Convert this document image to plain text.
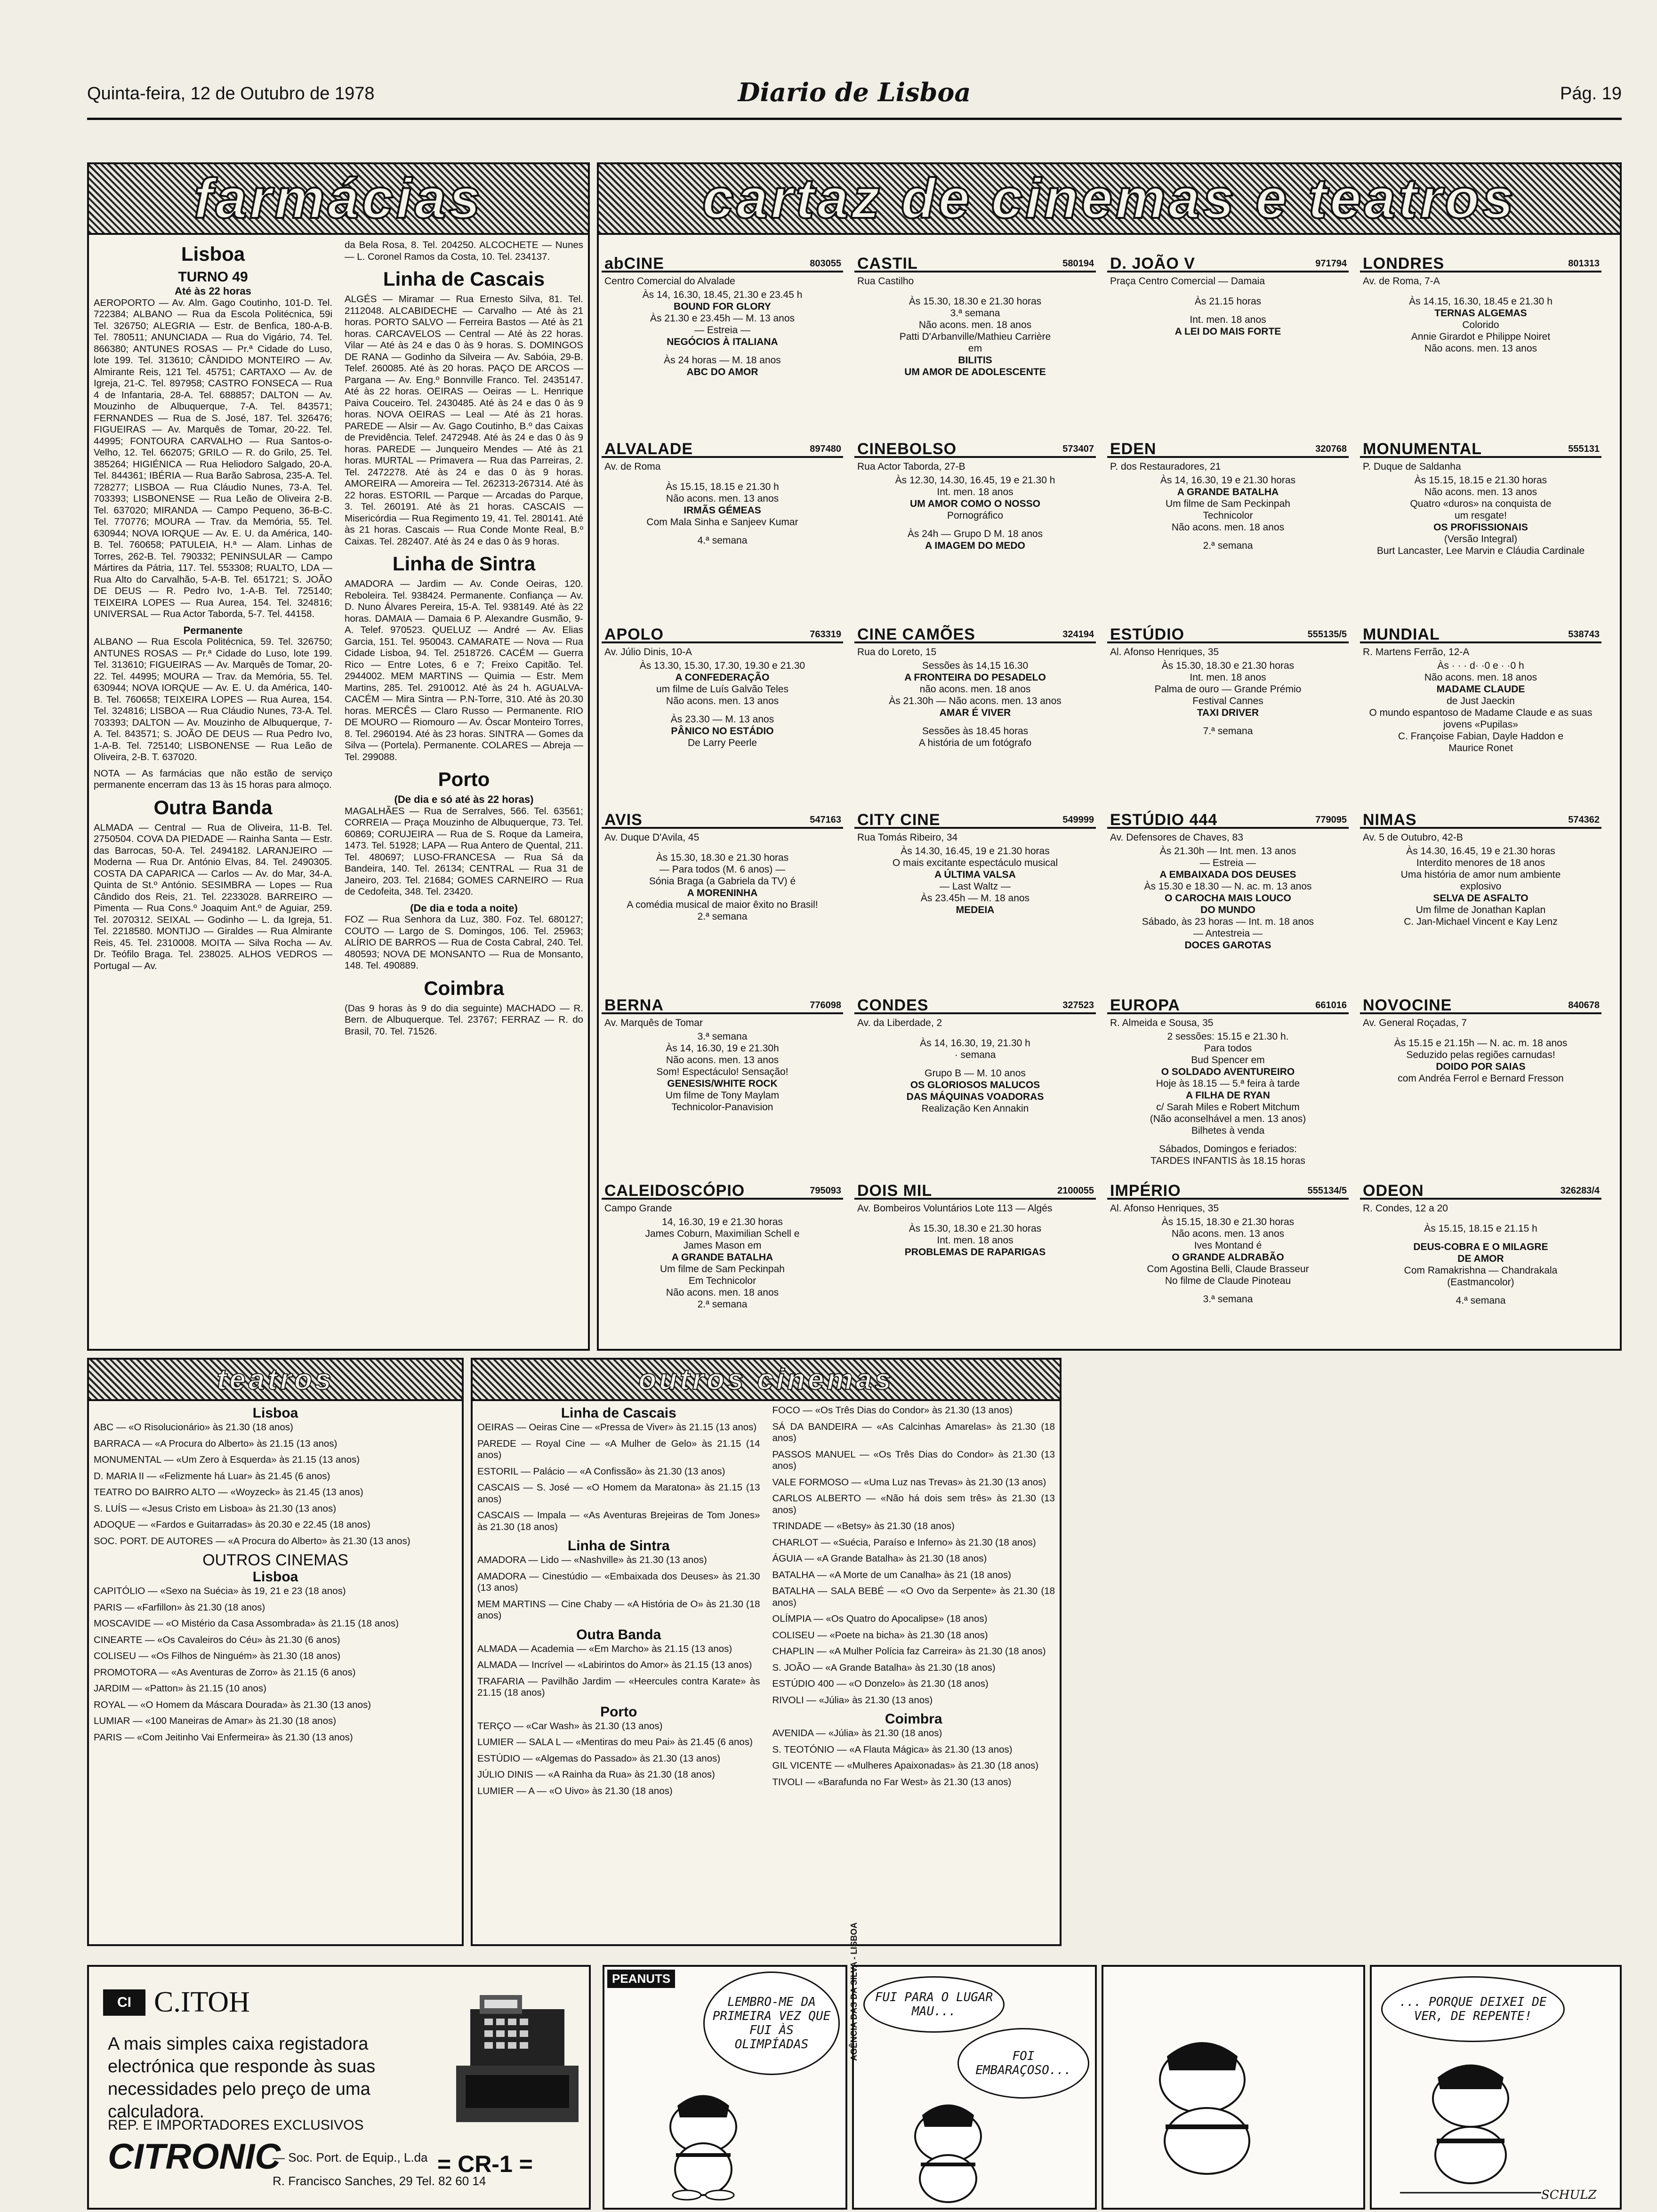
Quinta-feira, 12 de Outubro de 1978	Diario de Lisboa	Pág. 19
farmácias
Lisboa
TURNO 49
Até às 22 horas

AEROPORTO — Av. Alm. Gago Coutinho, 101-D. Tel. 722384; ALBANO — Rua da Escola Politécnica, 59i Tel. 326750; ALEGRIA — Estr. de Benfica, 180-A-B. Tel. 780511; ANUNCIADA — Rua do Vigário, 74. Tel. 866380; ANTUNES ROSAS — Pr.ª Cidade do Luso, lote 199. Tel. 313610; CÂNDIDO MONTEIRO — Av. Almirante Reis, 121 Tel. 45751; CARTAXO — Av. de Igreja, 21-C. Tel. 897958; CASTRO FONSECA — Rua 4 de Infantaria, 28-A. Tel. 688857; DALTON — Av. Mouzinho de Albuquerque, 7-A. Tel. 843571; FERNANDES — Rua de S. José, 187. Tel. 326476; FIGUEIRAS — Av. Marquês de Tomar, 20-22. Tel. 44995; FONTOURA CARVALHO — Rua Santos-o-Velho, 12. Tel. 662075; GRILO — R. do Grilo, 25. Tel. 385264; HIGIÉNICA — Rua Heliodoro Salgado, 20-A. Tel. 844361; IBÉRIA — Rua Barão Sabrosa, 235-A. Tel. 728277; LISBOA — Rua Cláudio Nunes, 73-A. Tel. 703393; LISBONENSE — Rua Leão de Oliveira 2-B. Tel. 637020; MIRANDA — Campo Pequeno, 36-B-C. Tel. 770776; MOURA — Trav. da Memória, 55. Tel. 630944; NOVA IORQUE — Av. E. U. da América, 140-B. Tel. 760658; PATULEIA, H.ª — Alam. Linhas de Torres, 262-B. Tel. 790332; PENINSULAR — Campo Mártires da Pátria, 117. Tel. 553308; RUALTO, LDA — Rua Alto do Carvalhão, 5-A-B. Tel. 651721; S. JOÃO DE DEUS — R. Pedro Ivo, 1-A-B. Tel. 725140; TEIXEIRA LOPES — Rua Aurea, 154. Tel. 324816; UNIVERSAL — Rua Actor Taborda, 5-7. Tel. 44158.

Permanente

ALBANO — Rua Escola Politécnica, 59. Tel. 326750; ANTUNES ROSAS — Pr.ª Cidade do Luso, lote 199. Tel. 313610; FIGUEIRAS — Av. Marquês de Tomar, 20-22. Tel. 44995; MOURA — Trav. da Memória, 55. Tel. 630944; NOVA IORQUE — Av. E. U. da América, 140-B. Tel. 760658; TEIXEIRA LOPES — Rua Aurea, 154. Tel. 324816; LISBOA — Rua Cláudio Nunes, 73-A. Tel. 703393; DALTON — Av. Mouzinho de Albuquerque, 7-A. Tel. 843571; S. JOÃO DE DEUS — Rua Pedro Ivo, 1-A-B. Tel. 725140; LISBONENSE — Rua Leão de Oliveira, 2-B. T. 637020.

NOTA — As farmácias que não estão de serviço permanente encerram das 13 às 15 horas para almoço.

Outra Banda

ALMADA — Central — Rua de Oliveira, 11-B. Tel. 2750504. COVA DA PIEDADE — Rainha Santa — Estr. das Barrocas, 50-A. Tel. 2494182. LARANJEIRO — Moderna — Rua Dr. António Elvas, 84. Tel. 2490305. COSTA DA CAPARICA — Carlos — Av. do Mar, 34-A. Quinta de St.º António. SESIMBRA — Lopes — Rua Cândido dos Reis, 21. Tel. 2233028. BARREIRO — Pimenta — Rua Cons.º Joaquim Ant.º de Aguiar, 259. Tel. 2070312. SEIXAL — Godinho — L. da Igreja, 51. Tel. 2218580. MONTIJO — Giraldes — Rua Almirante Reis, 45. Tel. 2310008. MOITA — Silva Rocha — Av. Dr. Teófilo Braga. Tel. 238025. ALHOS VEDROS — Portugal — Av.

da Bela Rosa, 8. Tel. 204250. ALCOCHETE — Nunes — L. Coronel Ramos da Costa, 10. Tel. 234137.

Linha de Cascais

ALGÉS — Miramar — Rua Ernesto Silva, 81. Tel. 2112048. ALCABIDECHE — Carvalho — Até às 21 horas. PORTO SALVO — Ferreira Bastos — Até às 21 horas. CARCAVELOS — Central — Até às 22 horas. Vilar — Até às 24 e das 0 às 9 horas. S. DOMINGOS DE RANA — Godinho da Silveira — Av. Sabóia, 29-B. Telef. 260085. Até às 20 horas. PAÇO DE ARCOS — Pargana — Av. Eng.º Bonnville Franco. Tel. 2435147. Até às 22 horas. OEIRAS — Oeiras — L. Henrique Paiva Couceiro. Tel. 2430485. Até às 24 e das 0 às 9 horas. NOVA OEIRAS — Leal — Até às 21 horas. PAREDE — Alsir — Av. Gago Coutinho, B.º das Caixas de Previdência. Telef. 2472948. Até às 24 e das 0 às 9 horas. PAREDE — Junqueiro Mendes — Até às 21 horas. MURTAL — Primavera — Rua das Parreiras, 2. Tel. 2472278. Até às 24 e das 0 às 9 horas. AMOREIRA — Amoreira — Tel. 262313-267314. Até às 22 horas. ESTORIL — Parque — Arcadas do Parque, 3. Tel. 260191. Até às 21 horas. CASCAIS — Misericórdia — Rua Regimento 19, 41. Tel. 280141. Até às 21 horas. Cascais — Rua Conde Monte Real, B.º Caixas. Tel. 282407. Até às 24 e das 0 às 9 horas.

Linha de Sintra

AMADORA — Jardim — Av. Conde Oeiras, 120. Reboleira. Tel. 938424. Permanente. Confiança — Av. D. Nuno Álvares Pereira, 15-A. Tel. 938149. Até às 22 horas. DAMAIA — Damaia 6 P. Alexandre Gusmão, 9-A. Telef. 970523. QUELUZ — André — Av. Elias Garcia, 151. Tel. 950043. CAMARATE — Nova — Rua Cidade Lisboa, 94. Tel. 2518726. CACÉM — Guerra Rico — Entre Lotes, 6 e 7; Freixo Capitão. Tel. 2944002. MEM MARTINS — Quimia — Estr. Mem Martins, 285. Tel. 2910012. Até às 24 h. AGUALVA-CACÉM — Mira Sintra — P.N-Torre, 310. Até às 20.30 horas. MERCÊS — Claro Russo — Permanente. RIO DE MOURO — Riomouro — Av. Óscar Monteiro Torres, 8. Tel. 2960194. Até às 23 horas. SINTRA — Gomes da Silva — (Portela). Permanente. COLARES — Abreja — Tel. 299088.

Porto
(De dia e só até às 22 horas)

MAGALHÃES — Rua de Serralves, 566. Tel. 63561; CORREIA — Praça Mouzinho de Albuquerque, 73. Tel. 60869; CORUJEIRA — Rua de S. Roque da Lameira, 1473. Tel. 51928; LAPA — Rua Antero de Quental, 211. Tel. 480697; LUSO-FRANCESA — Rua Sá da Bandeira, 140. Tel. 26134; CENTRAL — Rua 31 de Janeiro, 203. Tel. 21684; GOMES CARNEIRO — Rua de Cedofeita, 348. Tel. 23420.

(De dia e toda a noite)

FOZ — Rua Senhora da Luz, 380. Foz. Tel. 680127; COUTO — Largo de S. Domingos, 106. Tel. 25963; ALÍRIO DE BARROS — Rua de Costa Cabral, 240. Tel. 480593; NOVA DE MONSANTO — Rua de Monsanto, 148. Tel. 490889.

Coimbra

(Das 9 horas às 9 do dia seguinte) MACHADO — R. Bern. de Albuquerque. Tel. 23767; FERRAZ — R. do Brasil, 70. Tel. 71526.

cartaz de cinemas e teatros
abCINE	803055
Centro Comercial do Alvalade
Às 14, 16.30, 18.45, 21.30 e 23.45 h
BOUND FOR GLORY
Às 21.30 e 23.45h — M. 13 anos
— Estreia —
NEGÓCIOS À ITALIANA
Às 24 horas — M. 18 anos
ABC DO AMOR
ALVALADE	897480
Av. de Roma
Às 15.15, 18.15 e 21.30 h
Não acons. men. 13 anos
IRMÃS GÉMEAS
Com Mala Sinha e Sanjeev Kumar
4.ª semana
APOLO	763319
Av. Júlio Dinis, 10-A
Às 13.30, 15.30, 17.30, 19.30 e 21.30
A CONFEDERAÇÃO
um filme de Luís Galvão Teles
Não acons. men. 13 anos
Às 23.30 — M. 13 anos
PÂNICO NO ESTÁDIO
De Larry Peerle
AVIS	547163
Av. Duque D'Avila, 45
Às 15.30, 18.30 e 21.30 horas
— Para todos (M. 6 anos) —
Sónia Braga (a Gabriela da TV) é
A MORENINHA
A comédia musical de maior êxito no Brasil!
2.ª semana
BERNA	776098
Av. Marquês de Tomar
3.ª semana
Às 14, 16.30, 19 e 21.30h
Não acons. men. 13 anos
Som! Espectáculo! Sensação!
GENESIS/WHITE ROCK
Um filme de Tony Maylam
Technicolor-Panavision
CALEIDOSCÓPIO	795093
Campo Grande
14, 16.30, 19 e 21.30 horas
James Coburn, Maximilian Schell e
James Mason em
A GRANDE BATALHA
Um filme de Sam Peckinpah
Em Technicolor
Não acons. men. 18 anos
2.ª semana
CASTIL	580194
Rua Castilho
Às 15.30, 18.30 e 21.30 horas
3.ª semana
Não acons. men. 18 anos
Patti D'Arbanville/Mathieu Carrière
em
BILITIS
UM AMOR DE ADOLESCENTE
CINEBOLSO	573407
Rua Actor Taborda, 27-B
Às 12.30, 14.30, 16.45, 19 e 21.30 h
Int. men. 18 anos
UM AMOR COMO O NOSSO
Pornográfico
Às 24h — Grupo D M. 18 anos
A IMAGEM DO MEDO
CINE CAMÕES	324194
Rua do Loreto, 15
Sessões às 14,15 16.30
A FRONTEIRA DO PESADELO
não acons. men. 18 anos
Às 21.30h — Não acons. men. 13 anos
AMAR É VIVER
Sessões às 18.45 horas
A história de um fotógrafo
CITY CINE	549999
Rua Tomás Ribeiro, 34
Às 14.30, 16.45, 19 e 21.30 horas
O mais excitante espectáculo musical
A ÚLTIMA VALSA
— Last Waltz —
Às 23.45h — M. 18 anos
MEDEIA
CONDES	327523
Av. da Liberdade, 2
Às 14, 16.30, 19, 21.30 h
· semana
Grupo B — M. 10 anos
OS GLORIOSOS MALUCOS
DAS MÁQUINAS VOADORAS
Realização Ken Annakin
DOIS MIL	2100055
Av. Bombeiros Voluntários Lote 113 — Algés
Às 15.30, 18.30 e 21.30 horas
Int. men. 18 anos
PROBLEMAS DE RAPARIGAS
D. JOÃO V	971794
Praça Centro Comercial — Damaia
Às 21.15 horas
Int. men. 18 anos
A LEI DO MAIS FORTE
EDEN	320768
P. dos Restauradores, 21
Às 14, 16.30, 19 e 21.30 horas
A GRANDE BATALHA
Um filme de Sam Peckinpah
Technicolor
Não acons. men. 18 anos
2.ª semana
ESTÚDIO	555135/5
Al. Afonso Henriques, 35
Às 15.30, 18.30 e 21.30 horas
Int. men. 18 anos
Palma de ouro — Grande Prémio
Festival Cannes
TAXI DRIVER
7.ª semana
ESTÚDIO 444	779095
Av. Defensores de Chaves, 83
Às 21.30h — Int. men. 13 anos
— Estreia —
A EMBAIXADA DOS DEUSES
Às 15.30 e 18.30 — N. ac. m. 13 anos
O CAROCHA MAIS LOUCO
DO MUNDO
Sábado, às 23 horas — Int. m. 18 anos
— Antestreia —
DOCES GAROTAS
EUROPA	661016
R. Almeida e Sousa, 35
2 sessões: 15.15 e 21.30 h.
Para todos
Bud Spencer em
O SOLDADO AVENTUREIRO
Hoje às 18.15 — 5.ª feira à tarde
A FILHA DE RYAN
c/ Sarah Miles e Robert Mitchum
(Não aconselhável a men. 13 anos)
Bilhetes à venda
Sábados, Domingos e feriados:
TARDES INFANTIS às 18.15 horas
IMPÉRIO	555134/5
Al. Afonso Henriques, 35
Às 15.15, 18.30 e 21.30 horas
Não acons. men. 13 anos
Ives Montand é
O GRANDE ALDRABÃO
Com Agostina Belli, Claude Brasseur
No filme de Claude Pinoteau
3.ª semana
LONDRES	801313
Av. de Roma, 7-A
Às 14.15, 16.30, 18.45 e 21.30 h
TERNAS ALGEMAS
Colorido
Annie Girardot e Philippe Noiret
Não acons. men. 13 anos
MONUMENTAL	555131
P. Duque de Saldanha
Às 15.15, 18.15 e 21.30 horas
Não acons. men. 13 anos
Quatro «duros» na conquista de
um resgate!
OS PROFISSIONAIS
(Versão Integral)
Burt Lancaster, Lee Marvin e Cláudia Cardinale
MUNDIAL	538743
R. Martens Ferrão, 12-A
Às · · · d· ·0 e · ·0 h
Não acons. men. 18 anos
MADAME CLAUDE
de Just Jaeckin
O mundo espantoso de Madame Claude e as suas jovens «Pupilas»
C. Françoise Fabian, Dayle Haddon e
Maurice Ronet
NIMAS	574362
Av. 5 de Outubro, 42-B
Às 14.30, 16.45, 19 e 21.30 horas
Interdito menores de 18 anos
Uma história de amor num ambiente
explosivo
SELVA DE ASFALTO
Um filme de Jonathan Kaplan
C. Jan-Michael Vincent e Kay Lenz
NOVOCINE	840678
Av. General Roçadas, 7
Às 15.15 e 21.15h — N. ac. m. 18 anos
Seduzido pelas regiões carnudas!
DOIDO POR SAIAS
com Andréa Ferrol e Bernard Fresson
ODEON	326283/4
R. Condes, 12 a 20
Às 15.15, 18.15 e 21.15 h
DEUS-COBRA E O MILAGRE
DE AMOR
Com Ramakrishna — Chandrakala
(Eastmancolor)
4.ª semana
teatros
Lisboa

ABC — «O Risolucionário» às 21.30 (18 anos)

BARRACA — «A Procura do Alberto» às 21.15 (13 anos)

MONUMENTAL — «Um Zero à Esquerda» às 21.15 (13 anos)

D. MARIA II — «Felizmente há Luar» às 21.45 (6 anos)

TEATRO DO BAIRRO ALTO — «Woyzeck» às 21.45 (13 anos)

S. LUÍS — «Jesus Cristo em Lisboa» às 21.30 (13 anos)

ADOQUE — «Fardos e Guitarradas» às 20.30 e 22.45 (18 anos)

SOC. PORT. DE AUTORES — «A Procura do Alberto» às 21.30 (13 anos)

OUTROS CINEMAS
Lisboa

CAPITÓLIO — «Sexo na Suécia» às 19, 21 e 23 (18 anos)

PARIS — «Farfillon» às 21.30 (18 anos)

MOSCAVIDE — «O Mistério da Casa Assombrada» às 21.15 (18 anos)

CINEARTE — «Os Cavaleiros do Céu» às 21.30 (6 anos)

COLISEU — «Os Filhos de Ninguém» às 21.30 (18 anos)

PROMOTORA — «As Aventuras de Zorro» às 21.15 (6 anos)

JARDIM — «Patton» às 21.15 (10 anos)

ROYAL — «O Homem da Máscara Dourada» às 21.30 (13 anos)

LUMIAR — «100 Maneiras de Amar» às 21.30 (18 anos)

PARIS — «Com Jeitinho Vai Enfermeira» às 21.30 (13 anos)

outros cinemas
Linha de Cascais

OEIRAS — Oeiras Cine — «Pressa de Viver» às 21.15 (13 anos)

PAREDE — Royal Cine — «A Mulher de Gelo» às 21.15 (14 anos)

ESTORIL — Palácio — «A Confissão» às 21.30 (13 anos)

CASCAIS — S. José — «O Homem da Maratona» às 21.15 (13 anos)

CASCAIS — Impala — «As Aventuras Brejeiras de Tom Jones» às 21.30 (18 anos)

Linha de Sintra

AMADORA — Lido — «Nashville» às 21.30 (13 anos)

AMADORA — Cinestúdio — «Embaixada dos Deuses» às 21.30 (13 anos)

MEM MARTINS — Cine Chaby — «A História de O» às 21.30 (18 anos)

Outra Banda

ALMADA — Academia — «Em Marcho» às 21.15 (13 anos)

ALMADA — Incrível — «Labirintos do Amor» às 21.15 (13 anos)

TRAFARIA — Pavilhão Jardim — «Heercules contra Karate» às 21.15 (18 anos)

Porto

TERÇO — «Car Wash» às 21.30 (13 anos)

LUMIER — SALA L — «Mentiras do meu Pai» às 21.45 (6 anos)

ESTÚDIO — «Algemas do Passado» às 21.30 (13 anos)

JÚLIO DINIS — «A Rainha da Rua» às 21.30 (18 anos)

LUMIER — A — «O Uivo» às 21.30 (18 anos)

FOCO — «Os Três Dias do Condor» às 21.30 (13 anos)

SÁ DA BANDEIRA — «As Calcinhas Amarelas» às 21.30 (18 anos)

PASSOS MANUEL — «Os Três Dias do Condor» às 21.30 (13 anos)

VALE FORMOSO — «Uma Luz nas Trevas» às 21.30 (13 anos)

CARLOS ALBERTO — «Não há dois sem três» às 21.30 (13 anos)

TRINDADE — «Betsy» às 21.30 (18 anos)

CHARLOT — «Suécia, Paraíso e Inferno» às 21.30 (18 anos)

ÁGUIA — «A Grande Batalha» às 21.30 (18 anos)

BATALHA — «A Morte de um Canalha» às 21 (18 anos)

BATALHA — SALA BEBÉ — «O Ovo da Serpente» às 21.30 (18 anos)

OLÍMPIA — «Os Quatro do Apocalipse» (18 anos)

COLISEU — «Poete na bicha» às 21.30 (18 anos)

CHAPLIN — «A Mulher Polícia faz Carreira» às 21.30 (18 anos)

S. JOÃO — «A Grande Batalha» às 21.30 (18 anos)

ESTÚDIO 400 — «O Donzelo» às 21.30 (18 anos)

RIVOLI — «Júlia» às 21.30 (13 anos)

Coimbra

AVENIDA — «Júlia» às 21.30 (18 anos)

S. TEOTÓNIO — «A Flauta Mágica» às 21.30 (13 anos)

GIL VICENTE — «Mulheres Apaixonadas» às 21.30 (18 anos)

TIVOLI — «Barafunda no Far West» às 21.30 (13 anos)

CI C.ITOH
A mais simples caixa registadora electrónica que responde às suas necessidades pelo preço de uma calculadora.
REP. E IMPORTADORES EXCLUSIVOS
CITRONIC
— Soc. Port. de Equip., L.da = CR-1 =
R. Francisco Sanches, 29 Tel. 82 60 14
PEANUTS
LEMBRO-ME DA PRIMEIRA VEZ QUE FUI ÀS OLIMPÍADAS
FUI PARA O LUGAR MAU...
FOI EMBARAÇOSO...
AGÊNCIA DAS DA SILVA - LISBOA	... PORQUE DEIXEI DE VER, DE REPENTE!
SCHULZ
